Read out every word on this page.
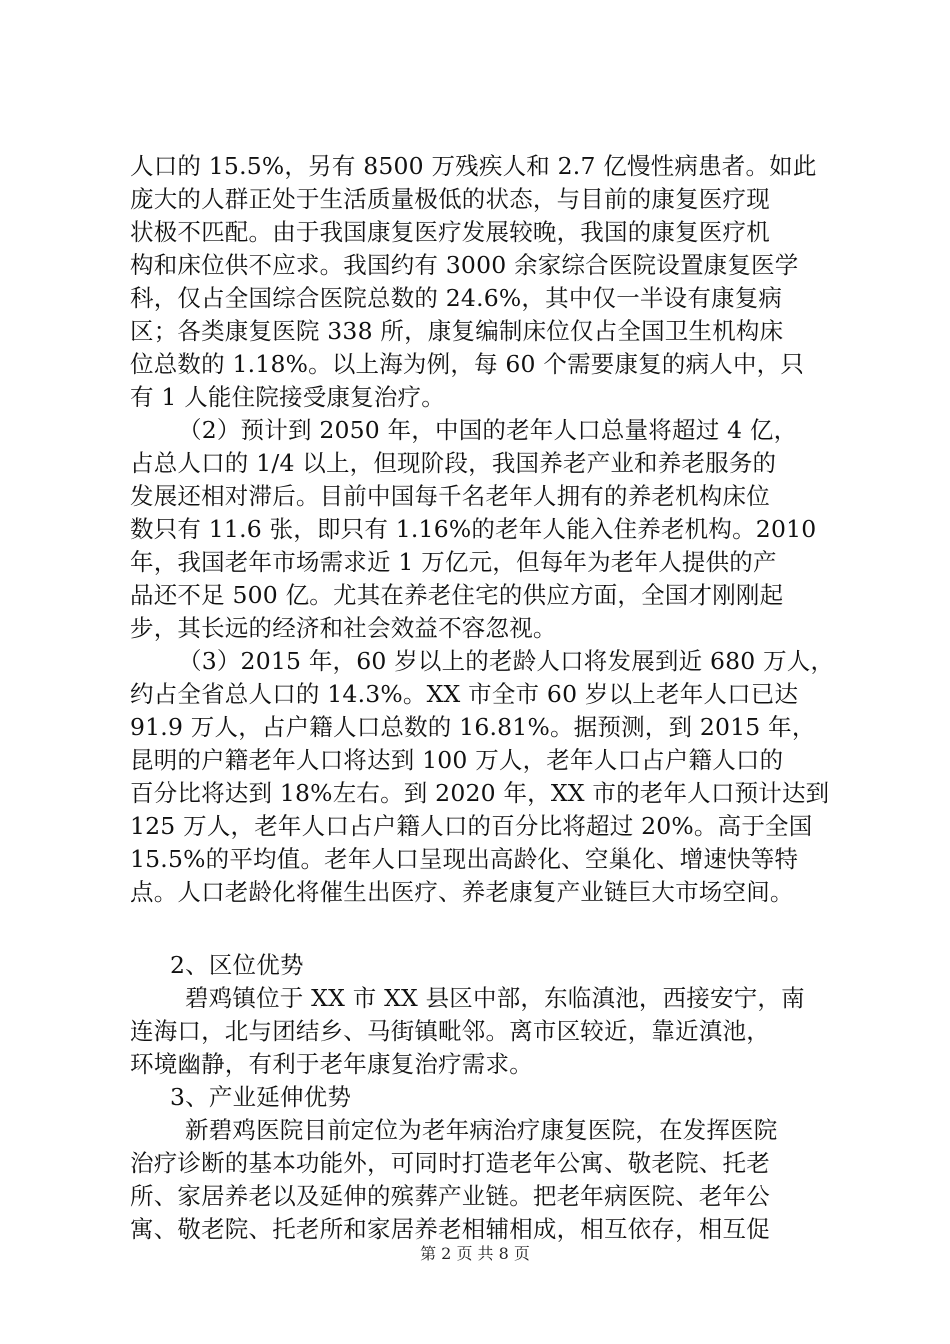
人口的 15.5%，另有 8500 万残疾人和 2.7 亿慢性病患者。如此
庞大的人群正处于生活质量极低的状态，与目前的康复医疗现
状极不匹配。由于我国康复医疗发展较晚，我国的康复医疗机
构和床位供不应求。我国约有 3000 余家综合医院设置康复医学
科，仅占全国综合医院总数的 24.6%，其中仅一半设有康复病
区；各类康复医院 338 所，康复编制床位仅占全国卫生机构床
位总数的 1.18%。以上海为例，每 60 个需要康复的病人中，只
有 1 人能住院接受康复治疗。
（2）预计到 2050 年，中国的老年人口总量将超过 4 亿，
占总人口的 1/4 以上，但现阶段，我国养老产业和养老服务的
发展还相对滞后。目前中国每千名老年人拥有的养老机构床位
数只有 11.6 张，即只有 1.16%的老年人能入住养老机构。2010
年，我国老年市场需求近 1 万亿元，但每年为老年人提供的产
品还不足 500 亿。尤其在养老住宅的供应方面，全国才刚刚起
步，其长远的经济和社会效益不容忽视。
（3）2015 年，60 岁以上的老龄人口将发展到近 680 万人，
约占全省总人口的 14.3%。XX 市全市 60 岁以上老年人口已达
91.9 万人，占户籍人口总数的 16.81%。据预测，到 2015 年，
昆明的户籍老年人口将达到 100 万人，老年人口占户籍人口的
百分比将达到 18%左右。到 2020 年，XX 市的老年人口预计达到
125 万人，老年人口占户籍人口的百分比将超过 20%。高于全国
15.5%的平均值。老年人口呈现出高龄化、空巢化、增速快等特
点。人口老龄化将催生出医疗、养老康复产业链巨大市场空间。
2、区位优势
碧鸡镇位于 XX 市 XX 县区中部，东临滇池，西接安宁，南
连海口，北与团结乡、马街镇毗邻。离市区较近，靠近滇池，
环境幽静，有利于老年康复治疗需求。
3、产业延伸优势
新碧鸡医院目前定位为老年病治疗康复医院，在发挥医院
治疗诊断的基本功能外，可同时打造老年公寓、敬老院、托老
所、家居养老以及延伸的殡葬产业链。把老年病医院、老年公
寓、敬老院、托老所和家居养老相辅相成，相互依存，相互促
第 2 页 共 8 页
